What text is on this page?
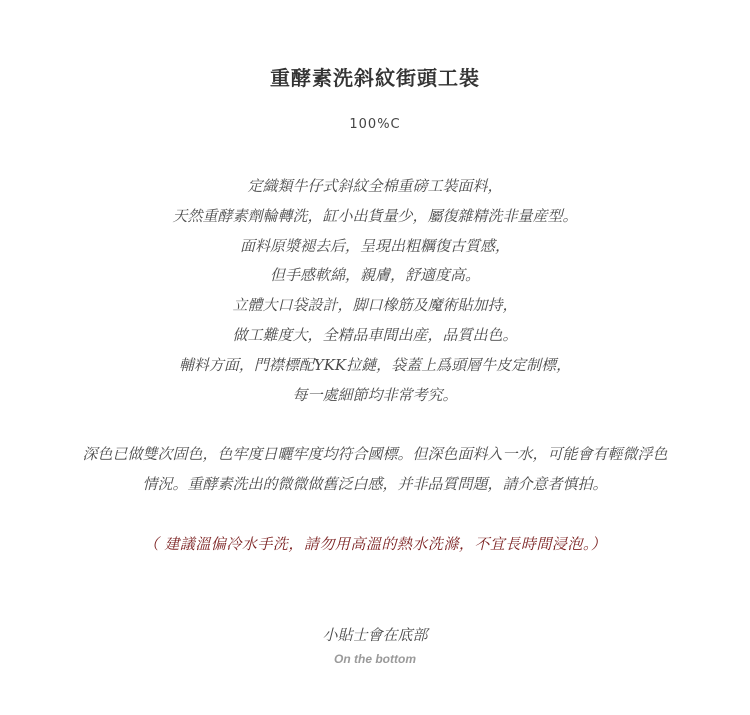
重酵素洗斜紋街頭工裝
100%C
定織類牛仔式斜紋全棉重磅工裝面料，
天然重酵素劑輪轉洗，缸小出貨量少，屬復雜精洗非量産型。
面料原漿褪去后，呈現出粗糲復古質感，
但手感軟綿，親膚，舒適度高。
立體大口袋設計，脚口橡筋及魔術貼加持，
做工難度大，全精品車間出産，品質出色。
輔料方面，門襟標配YKK拉鏈，袋蓋上爲頭層牛皮定制標，
每一處細節均非常考究。
深色已做雙次固色，色牢度日曬牢度均符合國標。但深色面料入一水，可能會有輕微浮色
情況。重酵素洗出的微微做舊泛白感，并非品質問題，請介意者慎拍。
（ 建議溫偏冷水手洗，請勿用高溫的熱水洗滌，不宜長時間浸泡。）
小貼士會在底部
On the bottom
